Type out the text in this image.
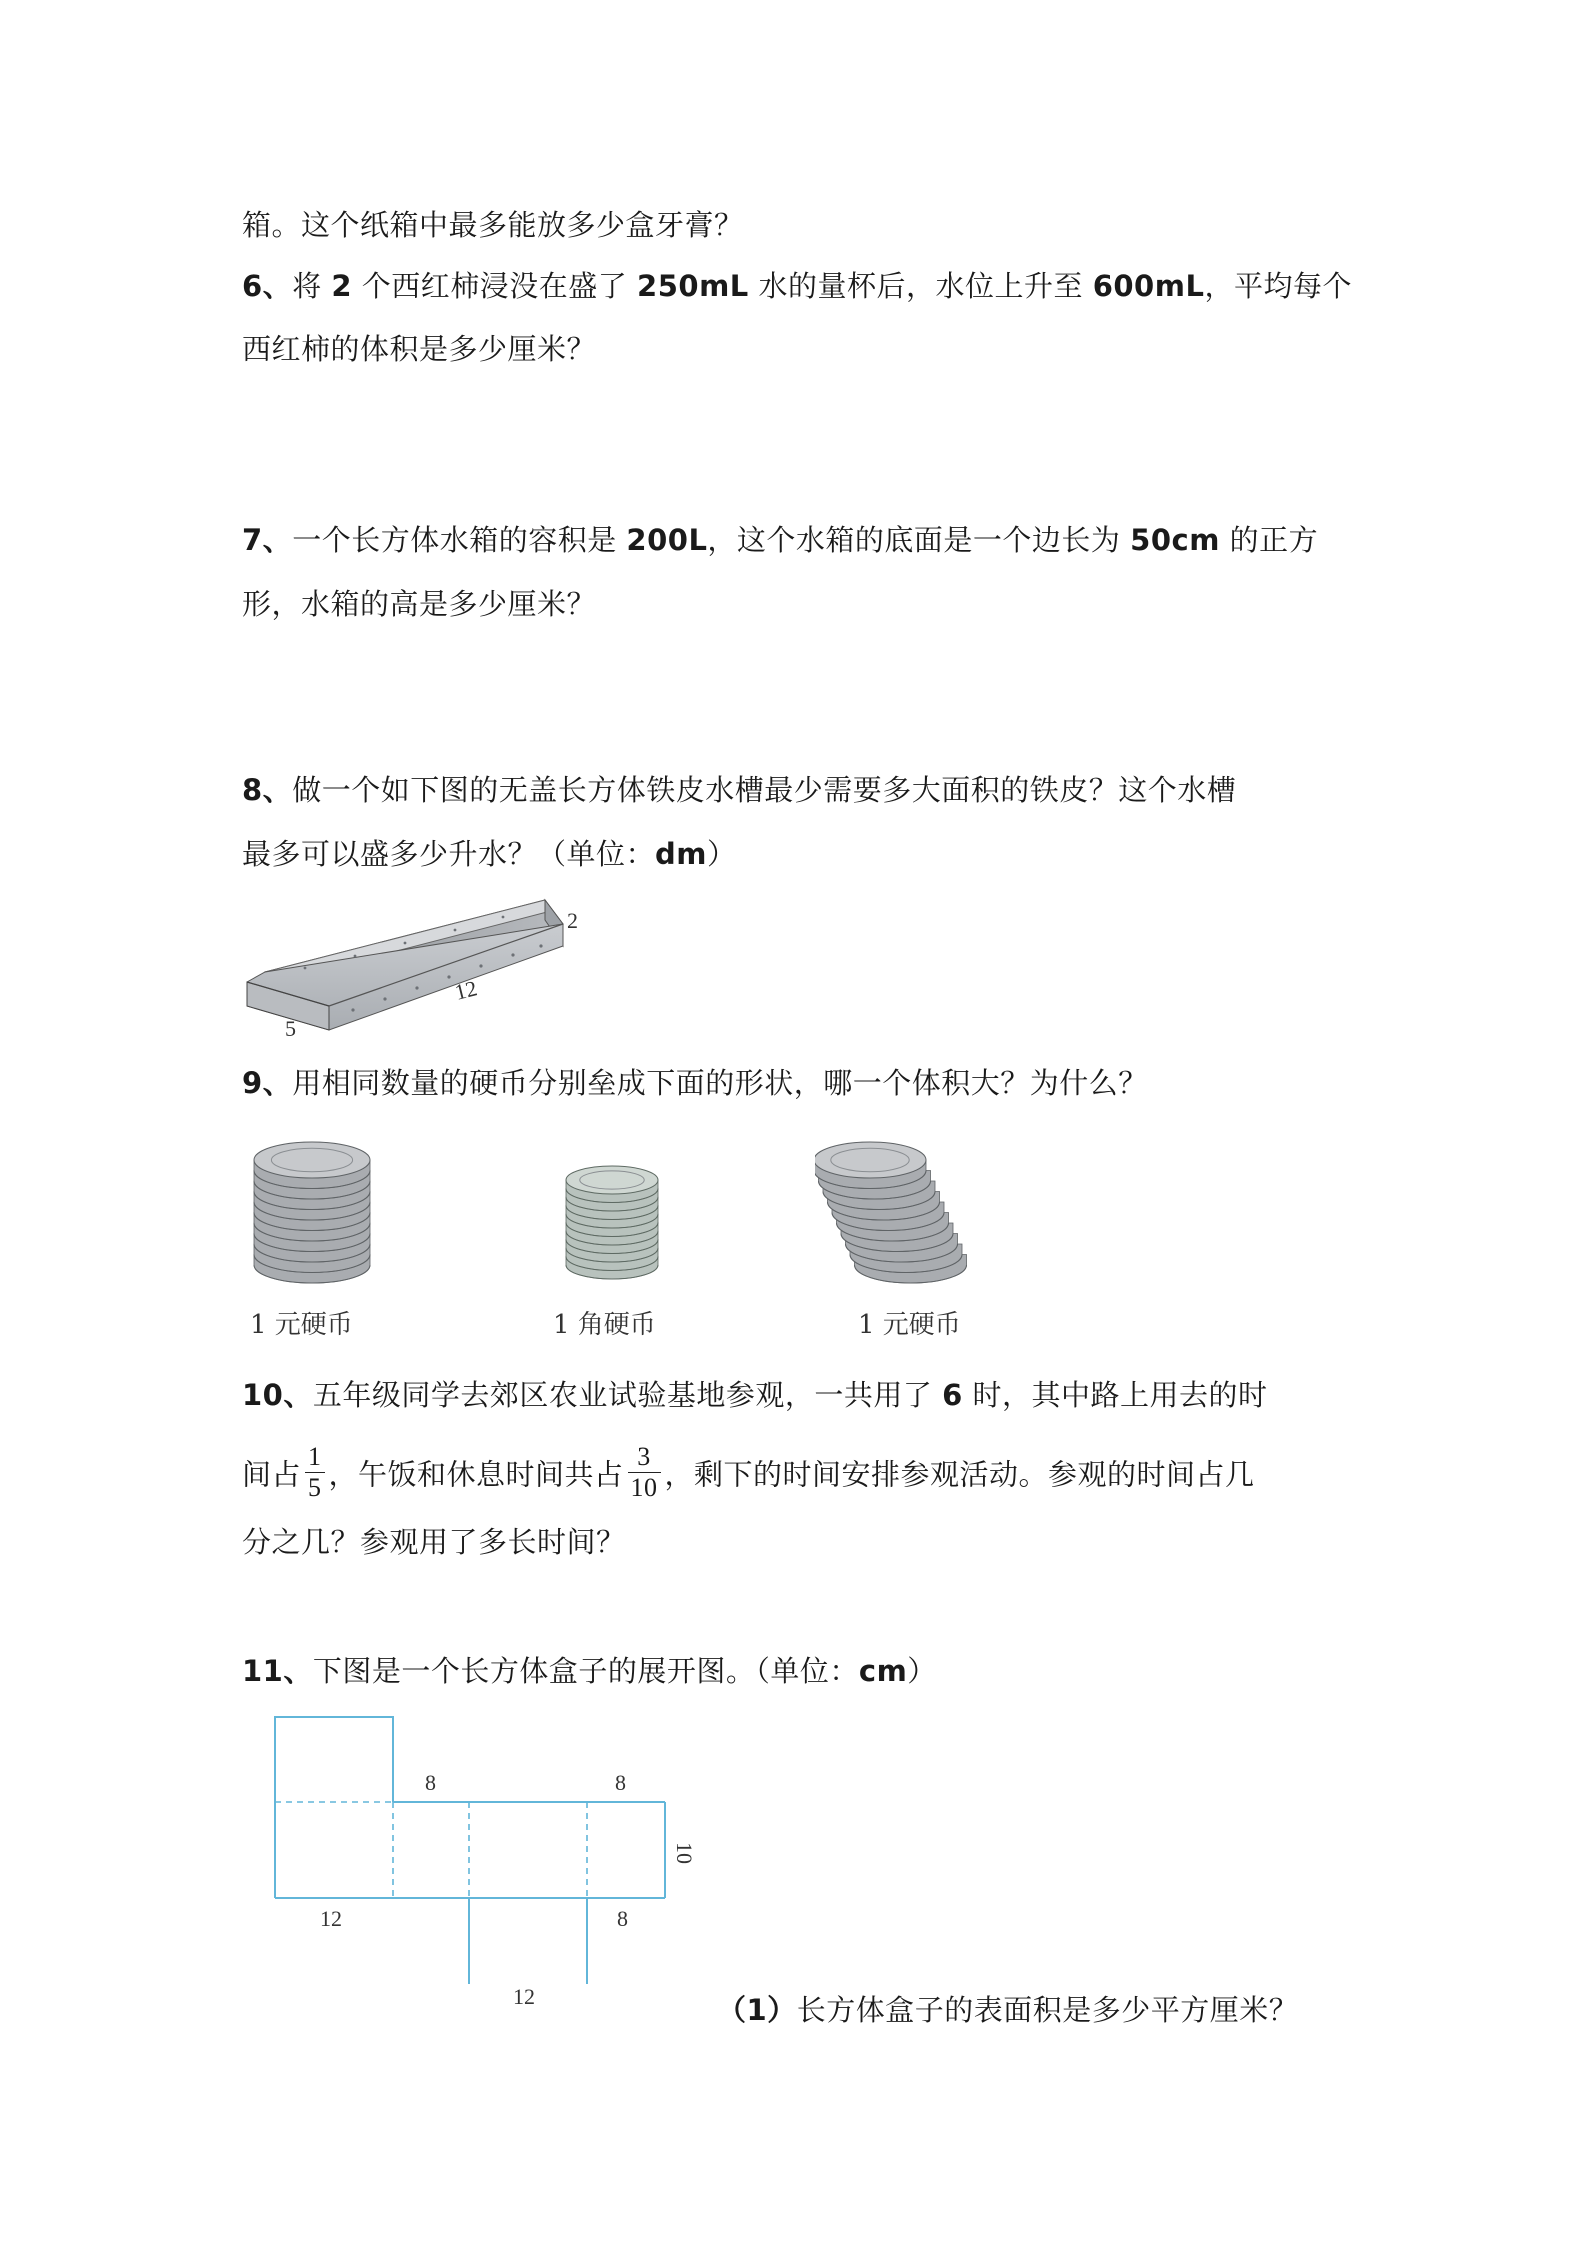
箱。这个纸箱中最多能放多少盒牙膏？
6、将 2 个西红柿浸没在盛了 250mL 水的量杯后，水位上升至 600mL，平均每个
西红柿的体积是多少厘米？
7、一个长方体水箱的容积是 200L，这个水箱的底面是一个边长为 50cm 的正方
形，水箱的高是多少厘米？
8、做一个如下图的无盖长方体铁皮水槽最少需要多大面积的铁皮？这个水槽
最多可以盛多少升水？（单位：dm）
2
12
5
9、用相同数量的硬币分别垒成下面的形状，哪一个体积大？为什么？
1 元硬币	1 角硬币	1 元硬币
10、五年级同学去郊区农业试验基地参观，一共用了 6 时，其中路上用去的时
间占 $\frac{1}{5}$ ，午饭和休息时间共占 $\frac{3}{10}$ ，剩下的时间安排参观活动。参观的时间占几
分之几？参观用了多长时间？
11、下图是一个长方体盒子的展开图。（单位：cm）
8	8
10
12	8
12	（1）长方体盒子的表面积是多少平方厘米？
